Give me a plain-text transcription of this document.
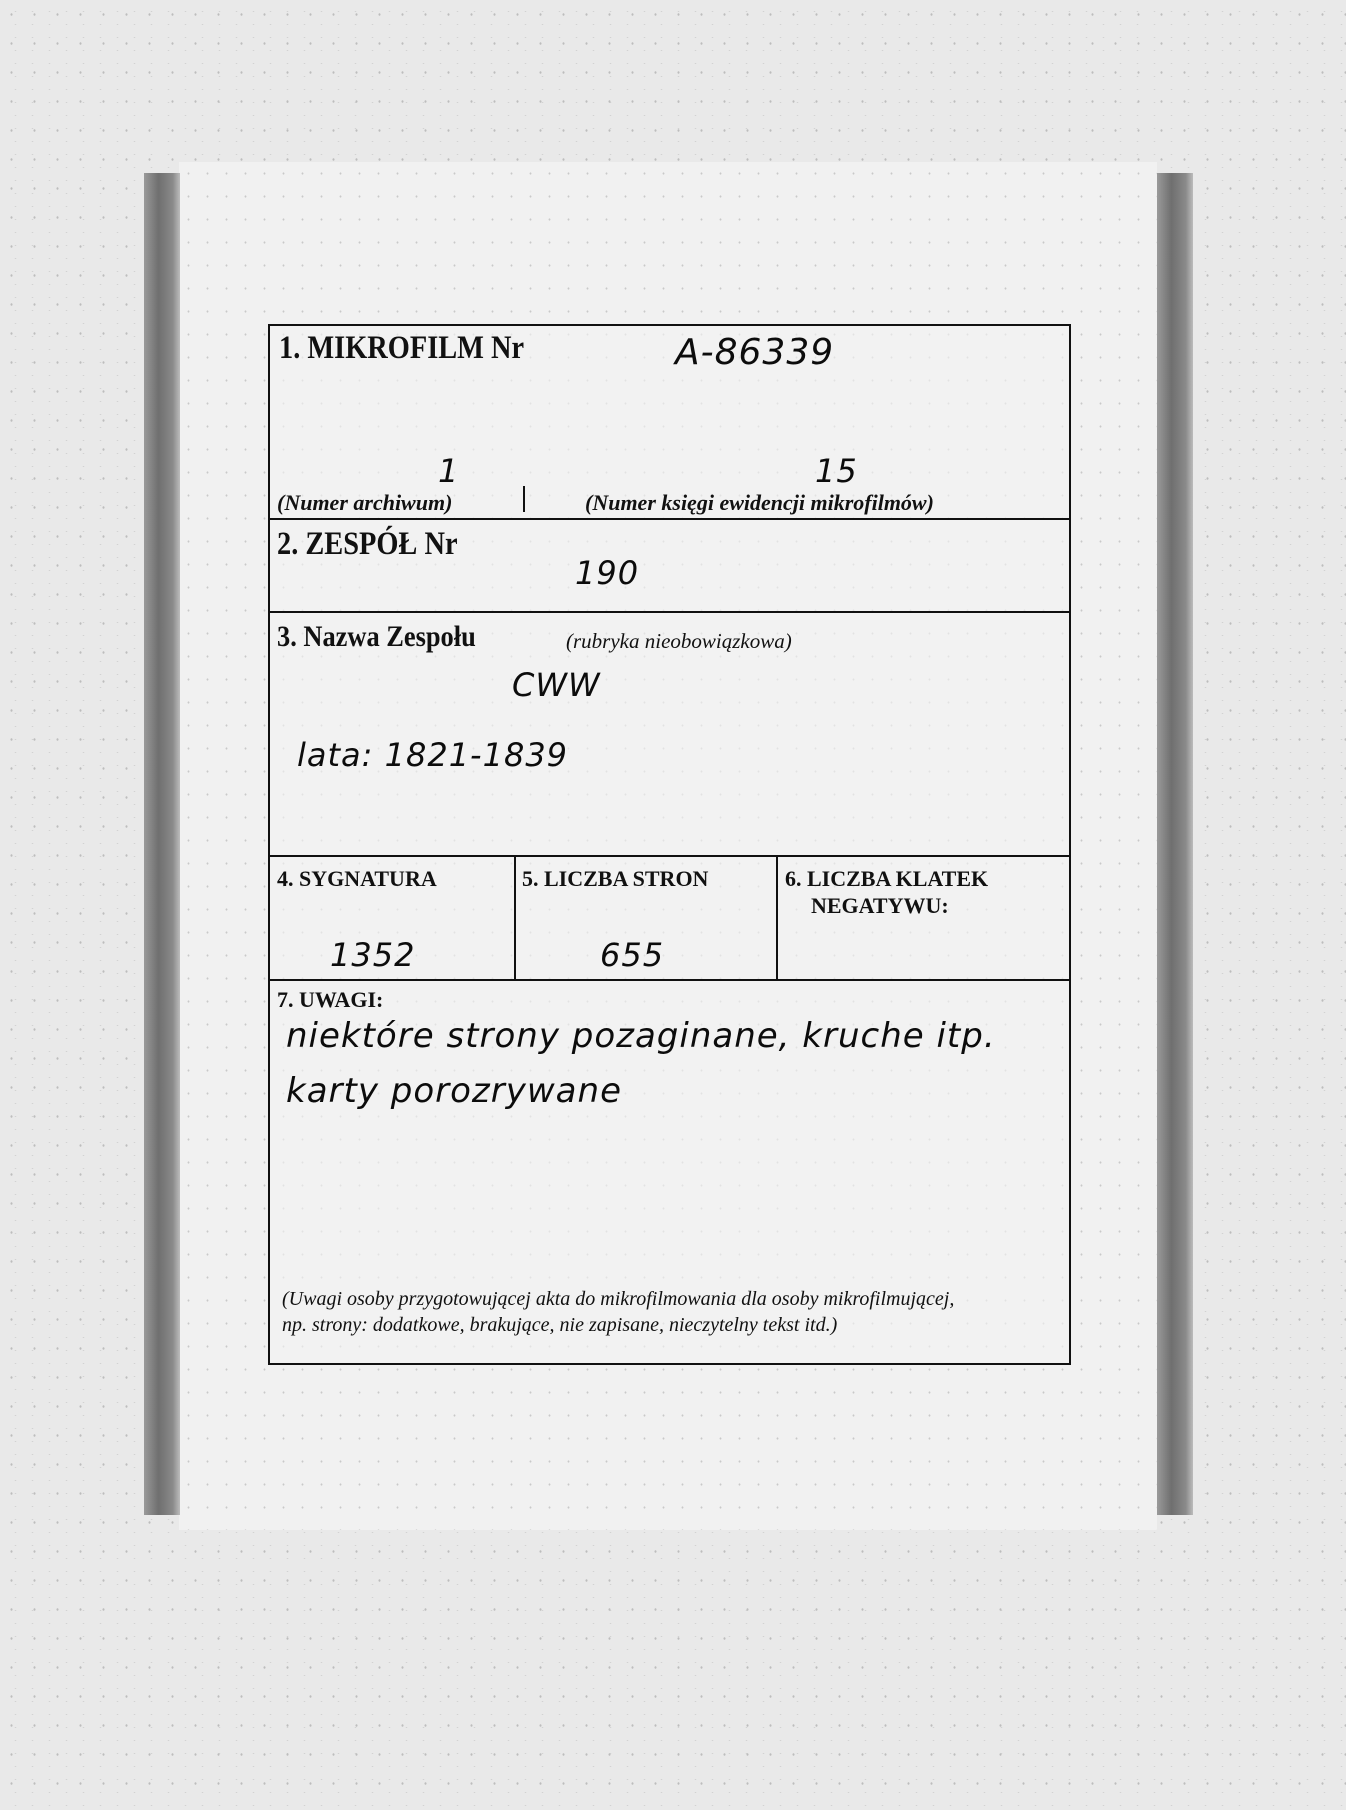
1. MIKROFILM Nr	A-86339
1	15
(Numer archiwum)	(Numer księgi ewidencji mikrofilmów)
2. ZESPÓŁ Nr
190
3. Nazwa Zespołu	(rubryka nieobowiązkowa)
CWW
lata: 1821-1839
4. SYGNATURA
1352
5. LICZBA STRON
655
6. LICZBA KLATEK
NEGATYWU:
7. UWAGI:
niektóre strony pozaginane, kruche itp.
karty porozrywane
(Uwagi osoby przygotowującej akta do mikrofilmowania dla osoby mikrofilmującej,
np. strony: dodatkowe, brakujące, nie zapisane, nieczytelny tekst itd.)
